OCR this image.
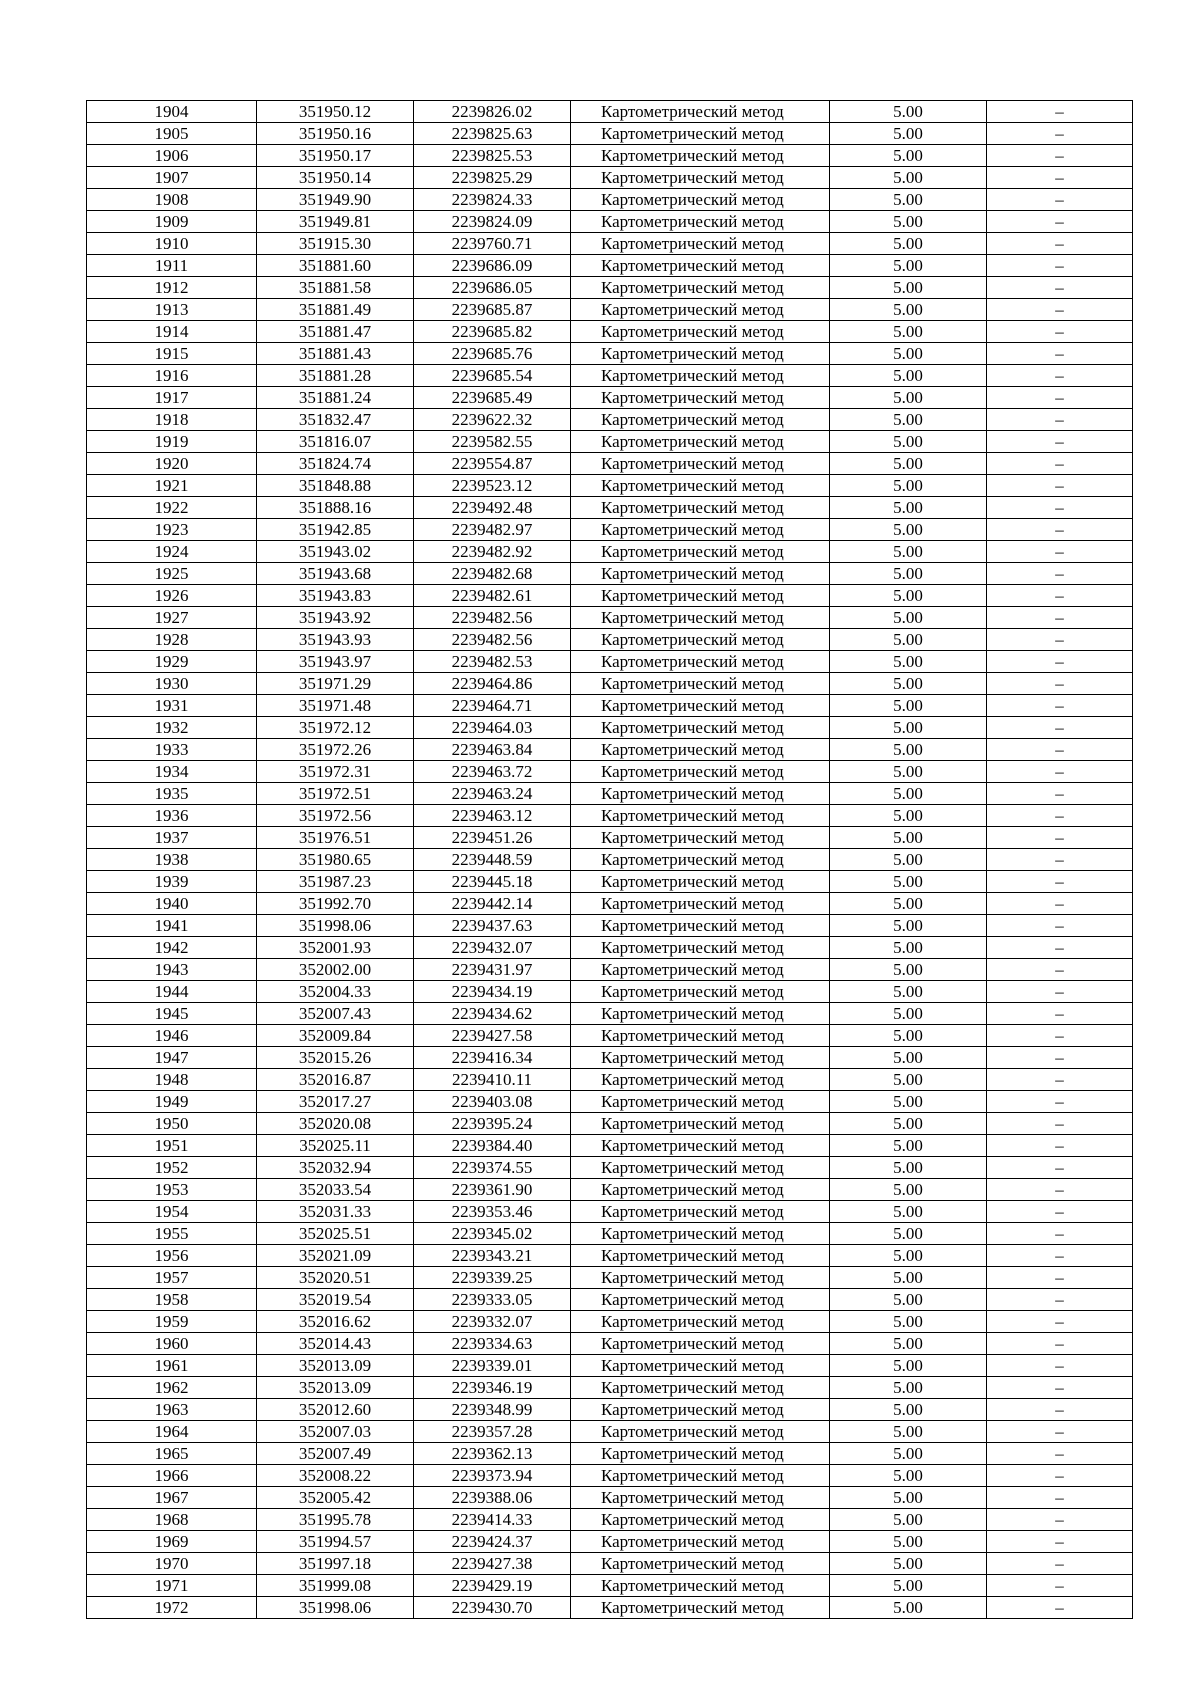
1904	351950.12	2239826.02	Картометрический метод	5.00	–
1905	351950.16	2239825.63	Картометрический метод	5.00	–
1906	351950.17	2239825.53	Картометрический метод	5.00	–
1907	351950.14	2239825.29	Картометрический метод	5.00	–
1908	351949.90	2239824.33	Картометрический метод	5.00	–
1909	351949.81	2239824.09	Картометрический метод	5.00	–
1910	351915.30	2239760.71	Картометрический метод	5.00	–
1911	351881.60	2239686.09	Картометрический метод	5.00	–
1912	351881.58	2239686.05	Картометрический метод	5.00	–
1913	351881.49	2239685.87	Картометрический метод	5.00	–
1914	351881.47	2239685.82	Картометрический метод	5.00	–
1915	351881.43	2239685.76	Картометрический метод	5.00	–
1916	351881.28	2239685.54	Картометрический метод	5.00	–
1917	351881.24	2239685.49	Картометрический метод	5.00	–
1918	351832.47	2239622.32	Картометрический метод	5.00	–
1919	351816.07	2239582.55	Картометрический метод	5.00	–
1920	351824.74	2239554.87	Картометрический метод	5.00	–
1921	351848.88	2239523.12	Картометрический метод	5.00	–
1922	351888.16	2239492.48	Картометрический метод	5.00	–
1923	351942.85	2239482.97	Картометрический метод	5.00	–
1924	351943.02	2239482.92	Картометрический метод	5.00	–
1925	351943.68	2239482.68	Картометрический метод	5.00	–
1926	351943.83	2239482.61	Картометрический метод	5.00	–
1927	351943.92	2239482.56	Картометрический метод	5.00	–
1928	351943.93	2239482.56	Картометрический метод	5.00	–
1929	351943.97	2239482.53	Картометрический метод	5.00	–
1930	351971.29	2239464.86	Картометрический метод	5.00	–
1931	351971.48	2239464.71	Картометрический метод	5.00	–
1932	351972.12	2239464.03	Картометрический метод	5.00	–
1933	351972.26	2239463.84	Картометрический метод	5.00	–
1934	351972.31	2239463.72	Картометрический метод	5.00	–
1935	351972.51	2239463.24	Картометрический метод	5.00	–
1936	351972.56	2239463.12	Картометрический метод	5.00	–
1937	351976.51	2239451.26	Картометрический метод	5.00	–
1938	351980.65	2239448.59	Картометрический метод	5.00	–
1939	351987.23	2239445.18	Картометрический метод	5.00	–
1940	351992.70	2239442.14	Картометрический метод	5.00	–
1941	351998.06	2239437.63	Картометрический метод	5.00	–
1942	352001.93	2239432.07	Картометрический метод	5.00	–
1943	352002.00	2239431.97	Картометрический метод	5.00	–
1944	352004.33	2239434.19	Картометрический метод	5.00	–
1945	352007.43	2239434.62	Картометрический метод	5.00	–
1946	352009.84	2239427.58	Картометрический метод	5.00	–
1947	352015.26	2239416.34	Картометрический метод	5.00	–
1948	352016.87	2239410.11	Картометрический метод	5.00	–
1949	352017.27	2239403.08	Картометрический метод	5.00	–
1950	352020.08	2239395.24	Картометрический метод	5.00	–
1951	352025.11	2239384.40	Картометрический метод	5.00	–
1952	352032.94	2239374.55	Картометрический метод	5.00	–
1953	352033.54	2239361.90	Картометрический метод	5.00	–
1954	352031.33	2239353.46	Картометрический метод	5.00	–
1955	352025.51	2239345.02	Картометрический метод	5.00	–
1956	352021.09	2239343.21	Картометрический метод	5.00	–
1957	352020.51	2239339.25	Картометрический метод	5.00	–
1958	352019.54	2239333.05	Картометрический метод	5.00	–
1959	352016.62	2239332.07	Картометрический метод	5.00	–
1960	352014.43	2239334.63	Картометрический метод	5.00	–
1961	352013.09	2239339.01	Картометрический метод	5.00	–
1962	352013.09	2239346.19	Картометрический метод	5.00	–
1963	352012.60	2239348.99	Картометрический метод	5.00	–
1964	352007.03	2239357.28	Картометрический метод	5.00	–
1965	352007.49	2239362.13	Картометрический метод	5.00	–
1966	352008.22	2239373.94	Картометрический метод	5.00	–
1967	352005.42	2239388.06	Картометрический метод	5.00	–
1968	351995.78	2239414.33	Картометрический метод	5.00	–
1969	351994.57	2239424.37	Картометрический метод	5.00	–
1970	351997.18	2239427.38	Картометрический метод	5.00	–
1971	351999.08	2239429.19	Картометрический метод	5.00	–
1972	351998.06	2239430.70	Картометрический метод	5.00	–
